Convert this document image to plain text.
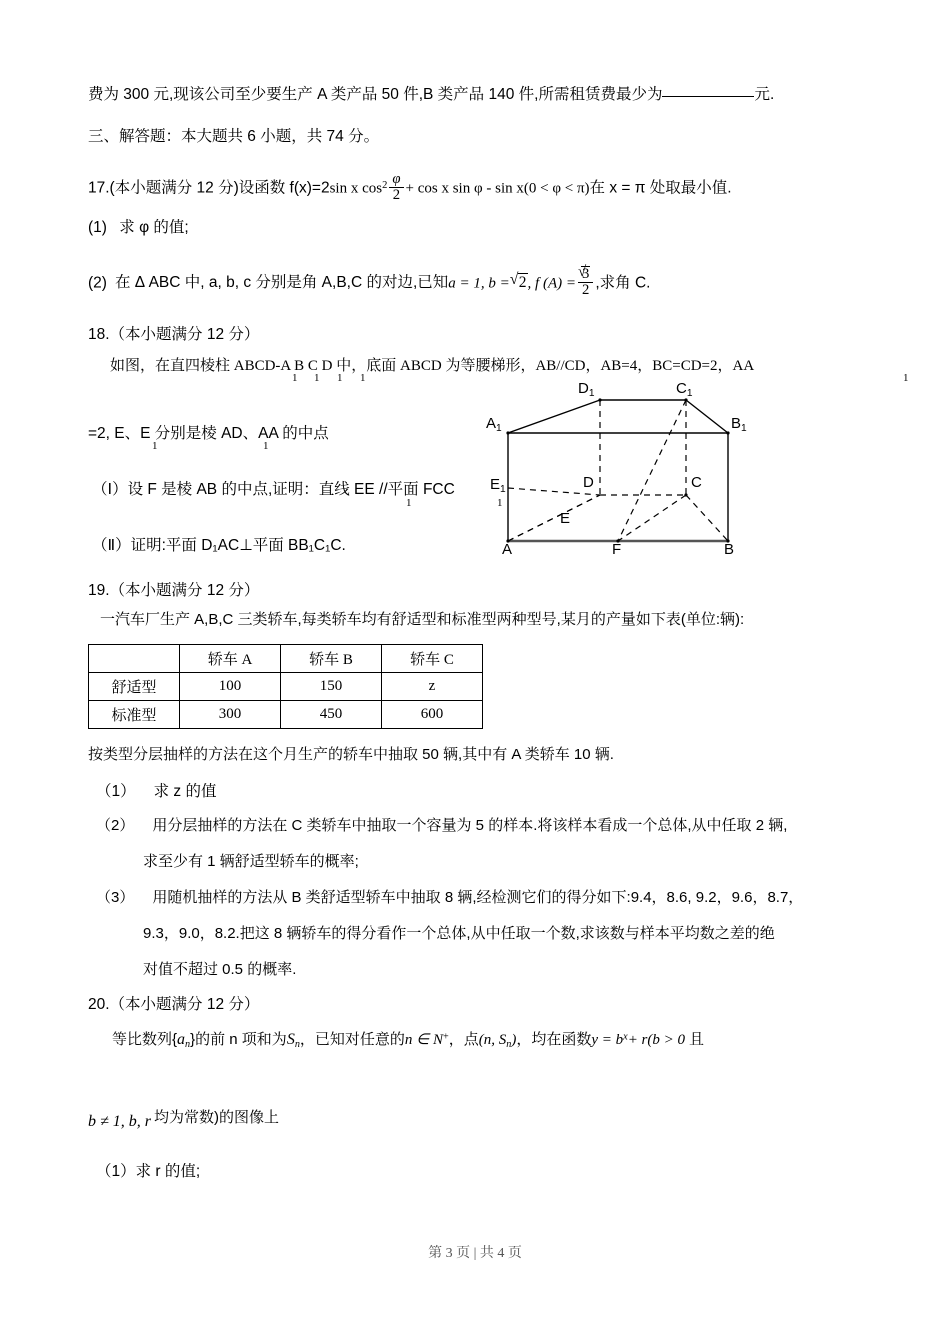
费为 300 元,现该公司至少要生产 A 类产品 50 件,B 类产品 140 件,所需租赁费最少为	元.
三、解答题：本大题共 6 小题，共 74 分。
17.(本小题满分 12 分)设函数 f(x)=2sin x $\cos^2 \frac{\varphi}{2} + \cos x$ sin φ - sin x(0 < φ < π)在 x = π 处取最小值.
(1) 求 φ 的值;
(2) 在 Δ ABC 中, a, b, c 分别是角 A,B,C 的对边,已知a = 1, b = √ 2, f (A) = √ $\frac{3}{2}$ ,求角 C.
18.（本小题满分 12 分）
如图，在直四棱柱 ABCD-A B C D 中，底面 ABCD 为等腰梯形，AB//CD，AB=4，BC=CD=2，AA
1 1 1 1	1
=2, E、E 分别是棱 AD、AA 的中点
1	1
（Ⅰ）设 F 是棱 AB 的中点,证明：直线 EE //平面 FCC
1	1
（Ⅱ）证明:平面 D₁AC⊥平面 BB₁C₁C.
$D_1$	$C_1$
$A_1$	$B_1$
D	C
$E_1$
E
A	F	B
19.（本小题满分 12 分）
一汽车厂生产 A,B,C 三类轿车,每类轿车均有舒适型和标准型两种型号,某月的产量如下表(单位:辆):
	轿车 A	轿车 B	轿车 C
舒适型	100	150	z
标准型	300	450	600
按类型分层抽样的方法在这个月生产的轿车中抽取 50 辆,其中有 A 类轿车 10 辆.
（1） 求 z 的值
（2） 用分层抽样的方法在 C 类轿车中抽取一个容量为 5 的样本.将该样本看成一个总体,从中任取 2 辆,
求至少有 1 辆舒适型轿车的概率;
（3） 用随机抽样的方法从 B 类舒适型轿车中抽取 8 辆,经检测它们的得分如下:9.4，8.6, 9.2，9.6，8.7，
9.3，9.0，8.2.把这 8 辆轿车的得分看作一个总体,从中任取一个数,求该数与样本平均数之差的绝
对值不超过 0.5 的概率.
20.（本小题满分 12 分）
等比数列$\{a_n\}$的前 n 项和为$S_n$，已知对任意的n ∈ N+，点(n, $S_n$)，均在函数$y = b^x+ r(b > 0$ 且
b ≠ 1, b, r 均为常数)的图像上
（1）求 r 的值;
第 3 页 | 共 4 页
